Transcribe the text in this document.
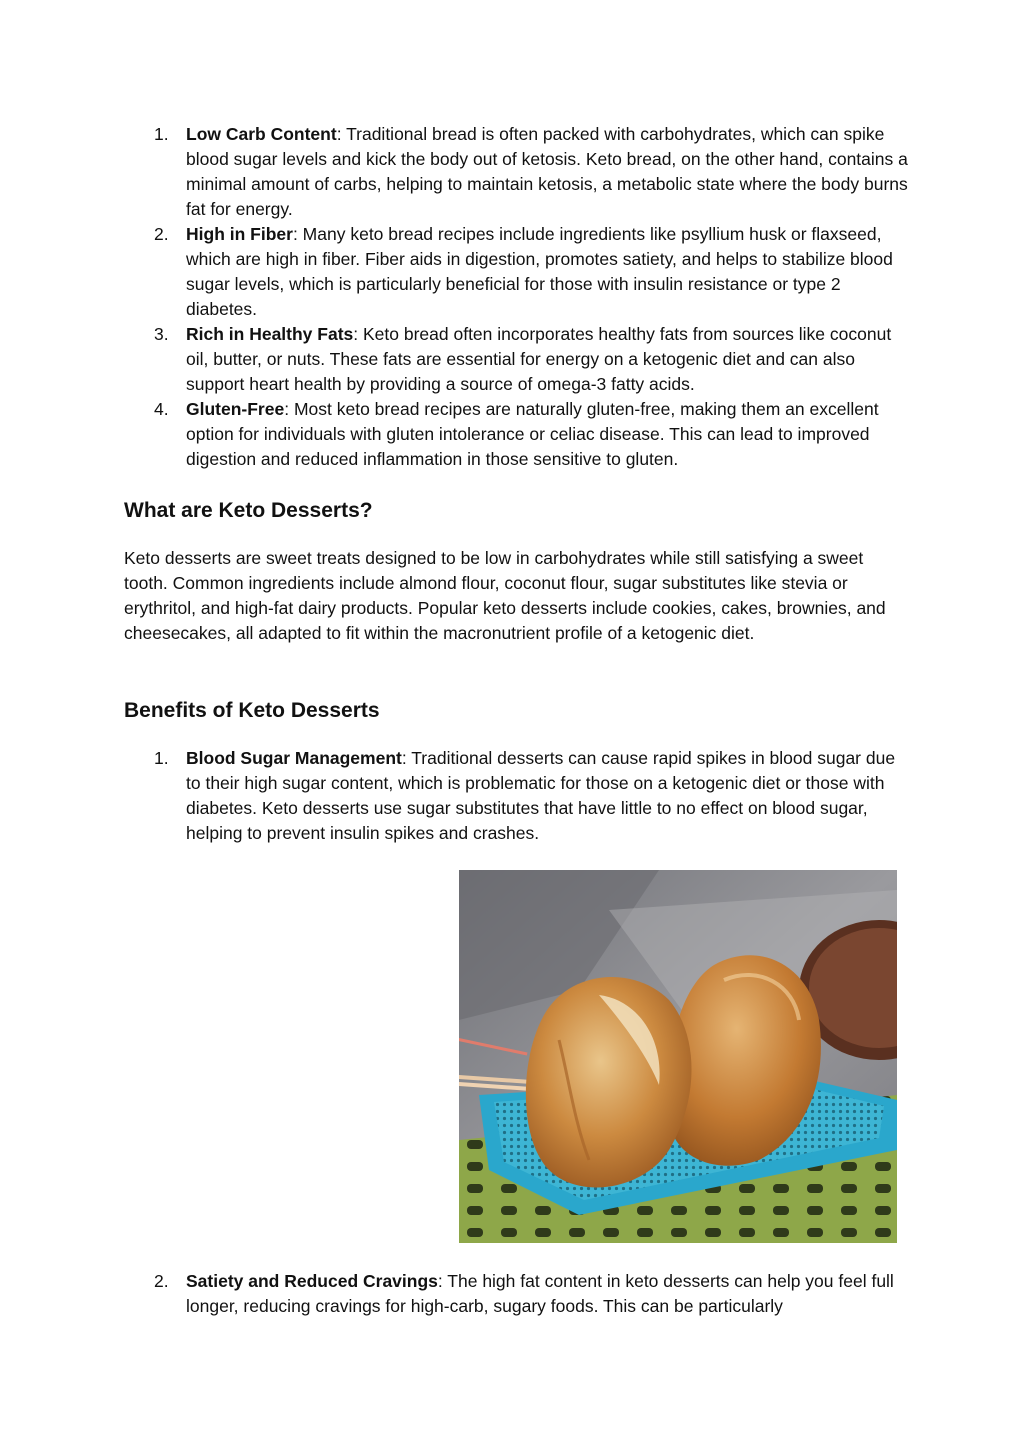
1. Low Carb Content: Traditional bread is often packed with carbohydrates, which can spike blood sugar levels and kick the body out of ketosis. Keto bread, on the other hand, contains a minimal amount of carbs, helping to maintain ketosis, a metabolic state where the body burns fat for energy.
2. High in Fiber: Many keto bread recipes include ingredients like psyllium husk or flaxseed, which are high in fiber. Fiber aids in digestion, promotes satiety, and helps to stabilize blood sugar levels, which is particularly beneficial for those with insulin resistance or type 2 diabetes.
3. Rich in Healthy Fats: Keto bread often incorporates healthy fats from sources like coconut oil, butter, or nuts. These fats are essential for energy on a ketogenic diet and can also support heart health by providing a source of omega-3 fatty acids.
4. Gluten-Free: Most keto bread recipes are naturally gluten-free, making them an excellent option for individuals with gluten intolerance or celiac disease. This can lead to improved digestion and reduced inflammation in those sensitive to gluten.
What are Keto Desserts?

Keto desserts are sweet treats designed to be low in carbohydrates while still satisfying a sweet tooth. Common ingredients include almond flour, coconut flour, sugar substitutes like stevia or erythritol, and high-fat dairy products. Popular keto desserts include cookies, cakes, brownies, and cheesecakes, all adapted to fit within the macronutrient profile of a ketogenic diet.

Benefits of Keto Desserts
1. Blood Sugar Management: Traditional desserts can cause rapid spikes in blood sugar due to their high sugar content, which is problematic for those on a ketogenic diet or those with diabetes. Keto desserts use sugar substitutes that have little to no effect on blood sugar, helping to prevent insulin spikes and crashes.
2. Satiety and Reduced Cravings: The high fat content in keto desserts can help you feel full longer, reducing cravings for high-carb, sugary foods. This can be particularly
